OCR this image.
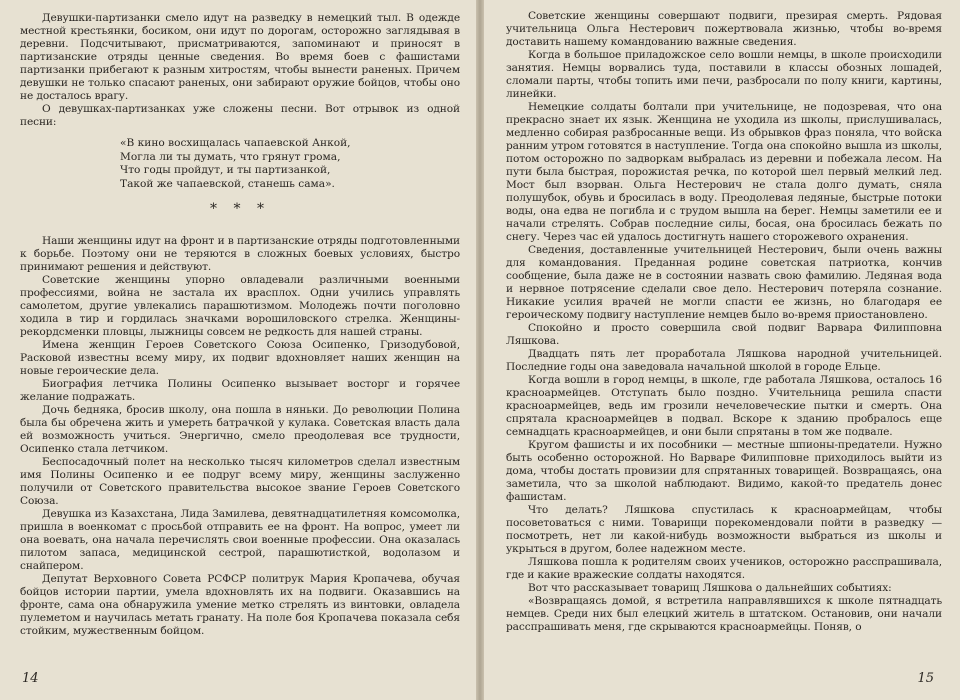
Девушки-партизанки смело идут на разведку в немецкий тыл. В одежде местной крестьянки, босиком, они идут по дорогам, осторожно заглядывая в деревни. Подсчитывают, присматриваются, запоминают и приносят в партизанские отряды ценные сведения. Во время боев с фашистами партизанки прибегают к разным хитростям, чтобы вынести раненых. Причем девушки не только спасают раненых, они забирают оружие бойцов, чтобы оно не досталось врагу.

О девушках-партизанках уже сложены песни. Вот отрывок из одной песни:

«В кино восхищалась чапаевской Анкой,
Могла ли ты думать, что грянут грома,
Что годы пройдут, и ты партизанкой,
Такой же чапаевской, станешь сама».
* * *

Наши женщины идут на фронт и в партизанские отряды подготовленными к борьбе. Поэтому они не теряются в сложных боевых условиях, быстро принимают решения и действуют.

Советские женщины упорно овладевали различными военными профессиями, война не застала их врасплох. Одни учились управлять самолетом, другие увлекались парашютизмом. Молодежь почти поголовно ходила в тир и гордилась значками ворошиловского стрелка. Женщины-рекордсменки пловцы, лыжницы совсем не редкость для нашей страны.

Имена женщин Героев Советского Союза Осипенко, Гризодубовой, Расковой известны всему миру, их подвиг вдохновляет наших женщин на новые героические дела.

Биография летчика Полины Осипенко вызывает восторг и горячее желание подражать.

Дочь бедняка, бросив школу, она пошла в няньки. До революции Полина была бы обречена жить и умереть батрачкой у кулака. Советская власть дала ей возможность учиться. Энергично, смело преодолевая все трудности, Осипенко стала летчиком.

Беспосадочный полет на несколько тысяч километров сделал известным имя Полины Осипенко и ее подруг всему миру, женщины заслуженно получили от Советского правительства высокое звание Героев Советского Союза.

Девушка из Казахстана, Лида Замилева, девятнадцатилетняя комсомолка, пришла в военкомат с просьбой отправить ее на фронт. На вопрос, умеет ли она воевать, она начала перечислять свои военные профессии. Она оказалась пилотом запаса, медицинской сестрой, парашютисткой, водолазом и снайпером.

Депутат Верховного Совета РСФСР политрук Мария Кропачева, обучая бойцов истории партии, умела вдохновлять их на подвиги. Оказавшись на фронте, сама она обнаружила умение метко стрелять из винтовки, овладела пулеметом и научилась метать гранату. На поле боя Кропачева показала себя стойким, мужественным бойцом.

14

Советские женщины совершают подвиги, презирая смерть. Рядовая учительница Ольга Нестерович пожертвовала жизнью, чтобы во-время доставить нашему командованию важные сведения.

Когда в большое приладожское село вошли немцы, в школе происходили занятия. Немцы ворвались туда, поставили в классы обозных лошадей, сломали парты, чтобы топить ими печи, разбросали по полу книги, картины, линейки.

Немецкие солдаты болтали при учительнице, не подозревая, что она прекрасно знает их язык. Женщина не уходила из школы, прислушивалась, медленно собирая разбросанные вещи. Из обрывков фраз поняла, что войска ранним утром готовятся в наступление. Тогда она спокойно вышла из школы, потом осторожно по задворкам выбралась из деревни и побежала лесом. На пути была быстрая, порожистая речка, по которой шел первый мелкий лед. Мост был взорван. Ольга Нестерович не стала долго думать, сняла полушубок, обувь и бросилась в воду. Преодолевая ледяные, быстрые потоки воды, она едва не погибла и с трудом вышла на берег. Немцы заметили ее и начали стрелять. Собрав последние силы, босая, она бросилась бежать по снегу. Через час ей удалось достигнуть нашего сторожевого охранения.

Сведения, доставленные учительницей Нестерович, были очень важны для командования. Преданная родине советская патриотка, кончив сообщение, была даже не в состоянии назвать свою фамилию. Ледяная вода и нервное потрясение сделали свое дело. Нестерович потеряла сознание. Никакие усилия врачей не могли спасти ее жизнь, но благодаря ее героическому подвигу наступление немцев было во-время приостановлено.

Спокойно и просто совершила свой подвиг Варвара Филипповна Ляшкова.

Двадцать пять лет проработала Ляшкова народной учительницей. Последние годы она заведовала начальной школой в городе Ельце.

Когда вошли в город немцы, в школе, где работала Ляшкова, осталось 16 красноармейцев. Отступать было поздно. Учительница решила спасти красноармейцев, ведь им грозили нечеловеческие пытки и смерть. Она спрятала красноармейцев в подвал. Вскоре к зданию пробралось еще семнадцать красноармейцев, и они были спрятаны в том же подвале.

Кругом фашисты и их пособники — местные шпионы-предатели. Нужно быть особенно осторожной. Но Варваре Филипповне приходилось выйти из дома, чтобы достать провизии для спрятанных товарищей. Возвращаясь, она заметила, что за школой наблюдают. Видимо, какой-то предатель донес фашистам.

Что делать? Ляшкова спустилась к красноармейцам, чтобы посоветоваться с ними. Товарищи порекомендовали пойти в разведку — посмотреть, нет ли какой-нибудь возможности выбраться из школы и укрыться в другом, более надежном месте.

Ляшкова пошла к родителям своих учеников, осторожно расспрашивала, где и какие вражеские солдаты находятся.

Вот что рассказывает товарищ Ляшкова о дальнейших событиях:

«Возвращаясь домой, я встретила направлявшихся к школе пятнадцать немцев. Среди них был елецкий житель в штатском. Остановив, они начали расспрашивать меня, где скрываются красноармейцы. Поняв, о

15
